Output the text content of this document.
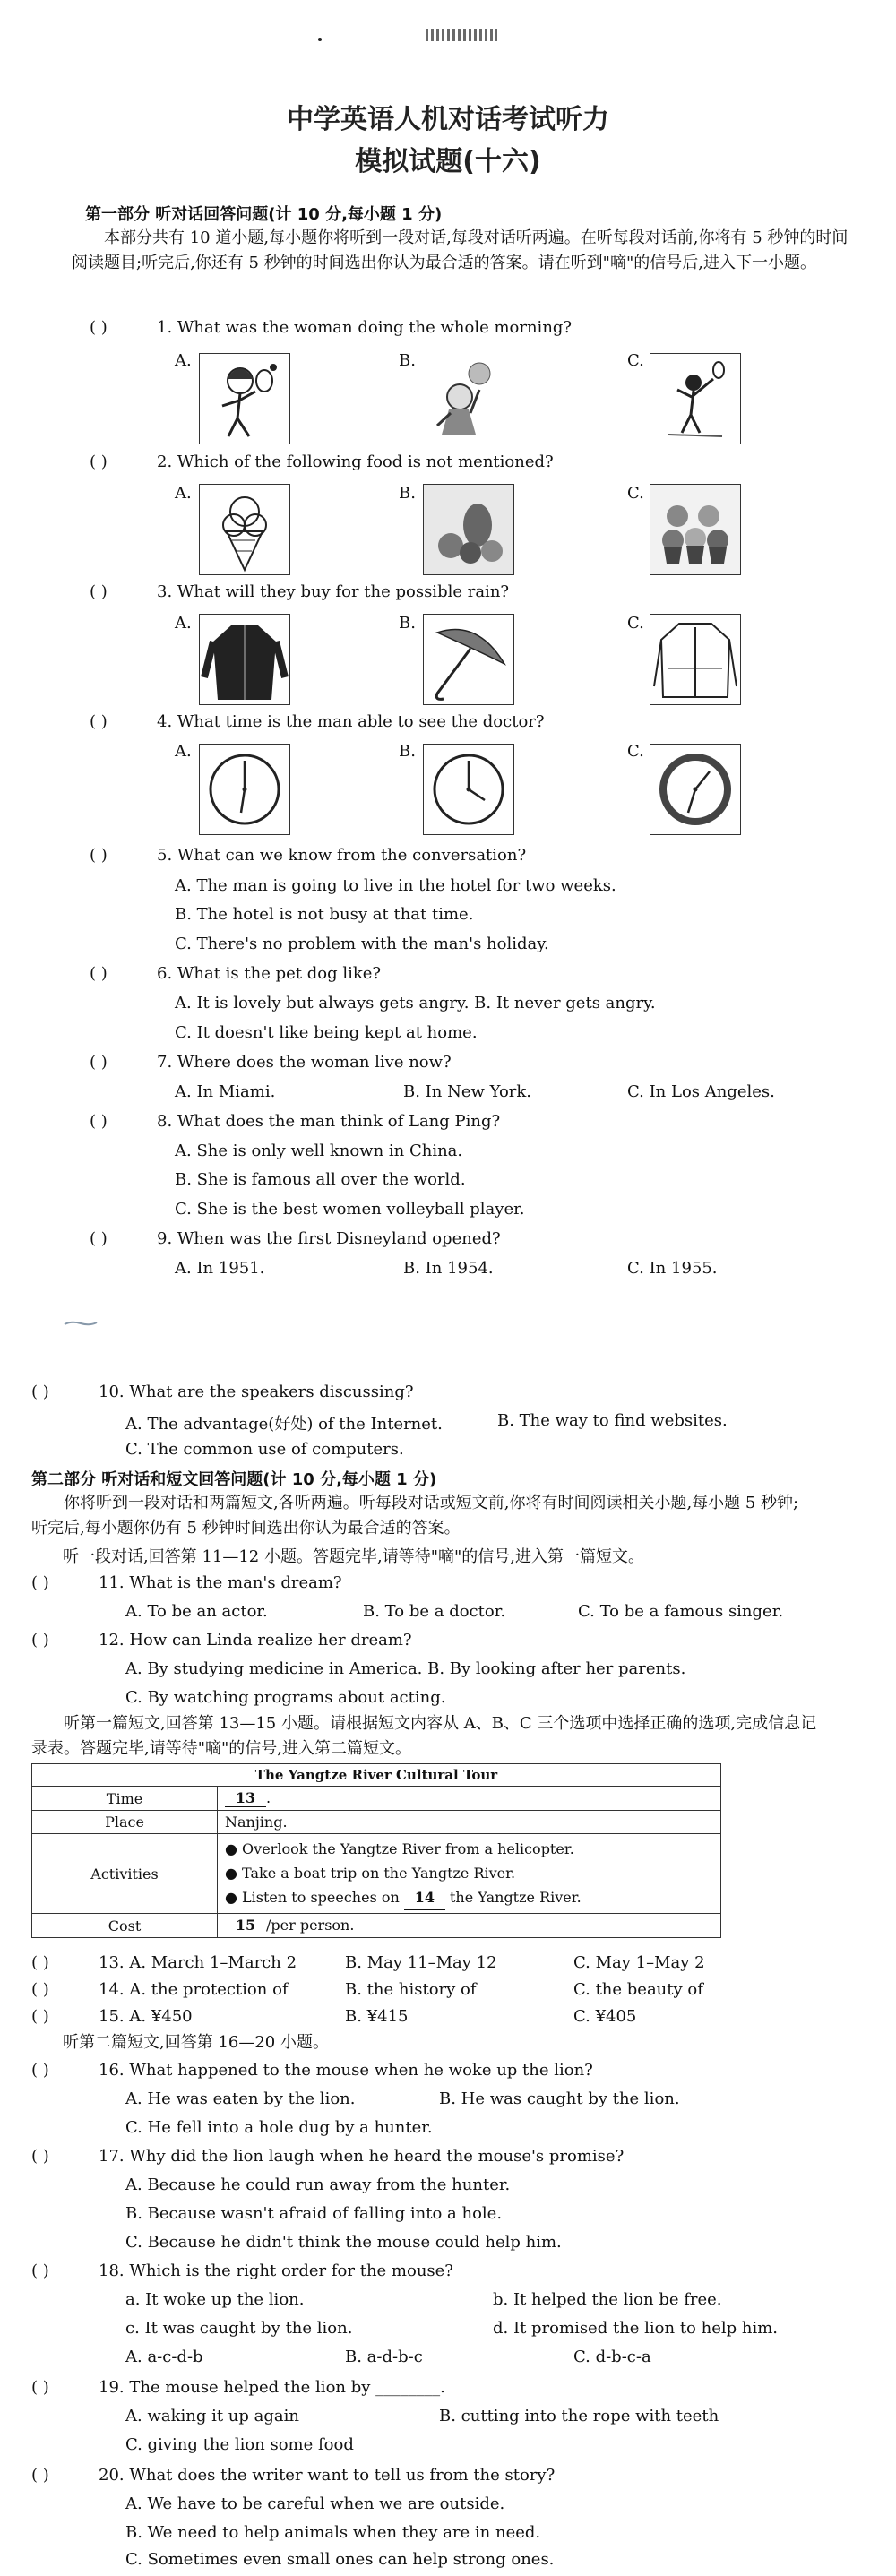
中学英语人机对话考试听力
模拟试题(十六)
第一部分 听对话回答问题(计 10 分,每小题 1 分)
本部分共有 10 道小题,每小题你将听到一段对话,每段对话听两遍。在听每段对话前,你将有 5 秒钟的时间阅读题目;听完后,你还有 5 秒钟的时间选出你认为最合适的答案。请在听到"嘀"的信号后,进入下一小题。
( )	1. What was the woman doing the whole morning?
A.	B.	C.
( )	2. Which of the following food is not mentioned?
A.	B.	C.
( )	3. What will they buy for the possible rain?
A.	B.	C.
( )	4. What time is the man able to see the doctor?
A.	B.	C.
( )	5. What can we know from the conversation?
A. The man is going to live in the hotel for two weeks.
B. The hotel is not busy at that time.
C. There's no problem with the man's holiday.
( )	6. What is the pet dog like?
A. It is lovely but always gets angry. B. It never gets angry.
C. It doesn't like being kept at home.
( )	7. Where does the woman live now?
A. In Miami.	B. In New York.	C. In Los Angeles.
( )	8. What does the man think of Lang Ping?
A. She is only well known in China.
B. She is famous all over the world.
C. She is the best women volleyball player.
( )	9. When was the first Disneyland opened?
A. In 1951.	B. In 1954.	C. In 1955.
( )	10. What are the speakers discussing?
A. The advantage(好处) of the Internet.	B. The way to find websites.
C. The common use of computers.
第二部分 听对话和短文回答问题(计 10 分,每小题 1 分)
你将听到一段对话和两篇短文,各听两遍。听每段对话或短文前,你将有时间阅读相关小题,每小题 5 秒钟;听完后,每小题你仍有 5 秒钟时间选出你认为最合适的答案。
听一段对话,回答第 11—12 小题。答题完毕,请等待"嘀"的信号,进入第一篇短文。
( )	11. What is the man's dream?
A. To be an actor.	B. To be a doctor.	C. To be a famous singer.
( )	12. How can Linda realize her dream?
A. By studying medicine in America. B. By looking after her parents.
C. By watching programs about acting.
听第一篇短文,回答第 13—15 小题。请根据短文内容从 A、B、C 三个选项中选择正确的选项,完成信息记录表。答题完毕,请等待"嘀"的信号,进入第二篇短文。
The Yangtze River Cultural Tour	
Time	13 .
Place	Nanjing.
Activities	● Overlook the Yangtze River from a helicopter.
● Take a boat trip on the Yangtze River.
● Listen to speeches on 14 the Yangtze River.

Cost	15 /per person.
( )	13. A. March 1–March 2	B. May 11–May 12	C. May 1–May 2
( )	14. A. the protection of	B. the history of	C. the beauty of
( )	15. A. ¥450	B. ¥415	C. ¥405
听第二篇短文,回答第 16—20 小题。
( )	16. What happened to the mouse when he woke up the lion?
A. He was eaten by the lion.	B. He was caught by the lion.
C. He fell into a hole dug by a hunter.
( )	17. Why did the lion laugh when he heard the mouse's promise?
A. Because he could run away from the hunter.
B. Because wasn't afraid of falling into a hole.
C. Because he didn't think the mouse could help him.
( )	18. Which is the right order for the mouse?
a. It woke up the lion.	b. It helped the lion be free.
c. It was caught by the lion.	d. It promised the lion to help him.
A. a-c-d-b	B. a-d-b-c	C. d-b-c-a
( )	19. The mouse helped the lion by ________.
A. waking it up again	B. cutting into the rope with teeth
C. giving the lion some food
( )	20. What does the writer want to tell us from the story?
A. We have to be careful when we are outside.
B. We need to help animals when they are in need.
C. Sometimes even small ones can help strong ones.
